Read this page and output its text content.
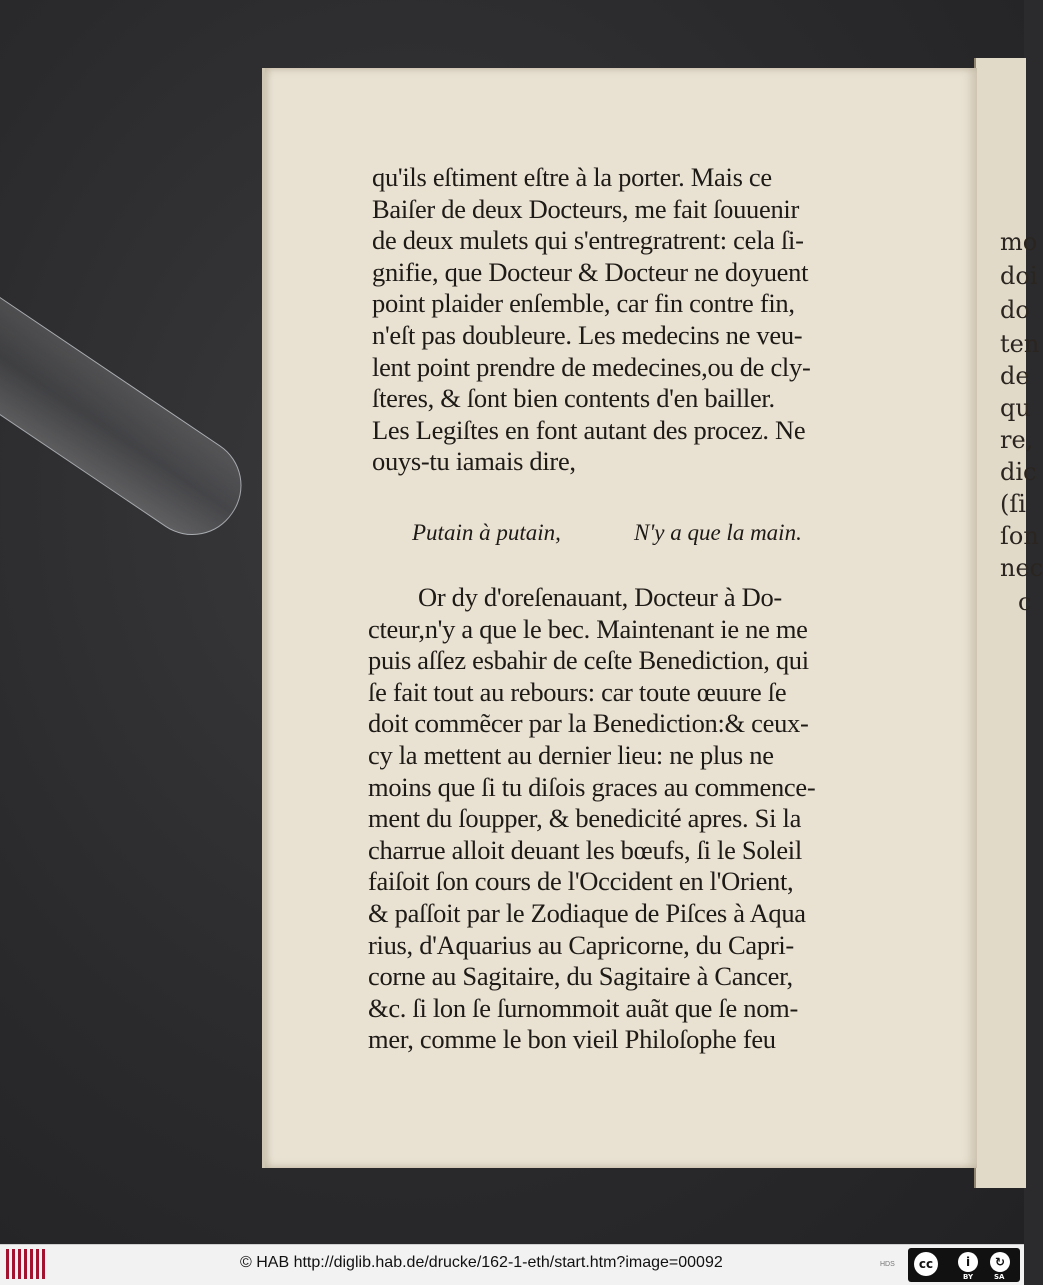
mo
doi
do
ten
de
qu
re,
dic
(ſi
ſon
nec
c
qu'ils eſtiment eſtre à la porter. Mais ce
Baiſer de deux Docteurs, me fait ſouuenir
de deux mulets qui s'entregratrent: cela ſi-
gnifie, que Docteur & Docteur ne doyuent
point plaider enſemble, car fin contre fin,
n'eſt pas doubleure. Les medecins ne veu-
lent point prendre de medecines,ou de cly-
ſteres, & ſont bien contents d'en bailler.
Les Legiſtes en font autant des procez. Ne
ouys-tu iamais dire,
Putain à putain,	N'y a que la main.
Or dy d'oreſenauant, Docteur à Do-
cteur,n'y a que le bec. Maintenant ie ne me
puis aſſez esbahir de ceſte Benediction, qui
ſe fait tout au rebours: car toute œuure ſe
doit commẽcer par la Benediction:& ceux-
cy la mettent au dernier lieu: ne plus ne
moins que ſi tu diſois graces au commence-
ment du ſoupper, & benedicité apres. Si la
charrue alloit deuant les bœufs, ſi le Soleil
faiſoit ſon cours de l'Occident en l'Orient,
& paſſoit par le Zodiaque de Piſces à Aqua
rius, d'Aquarius au Capricorne, du Capri-
corne au Sagitaire, du Sagitaire à Cancer,
&c. ſi lon ſe ſurnommoit auãt que ſe nom-
mer, comme le bon vieil Philoſophe feu
© HAB http://diglib.hab.de/drucke/162-1-eth/start.htm?image=00092	HDS	cc	i	↻
BY	SA
